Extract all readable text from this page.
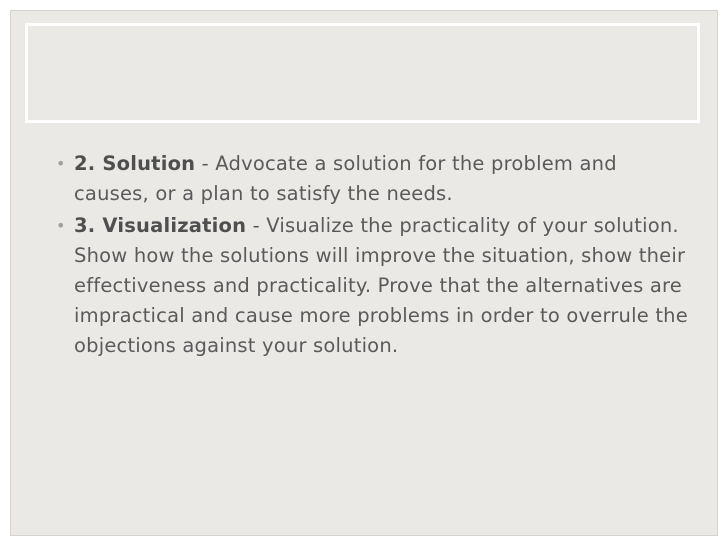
• 2. Solution - Advocate a solution for the problem and causes, or a plan to satisfy the needs.
• 3. Visualization - Visualize the practicality of your solution. Show how the solutions will improve the situation, show their effectiveness and practicality. Prove that the alternatives are impractical and cause more problems in order to overrule the objections against your solution.
